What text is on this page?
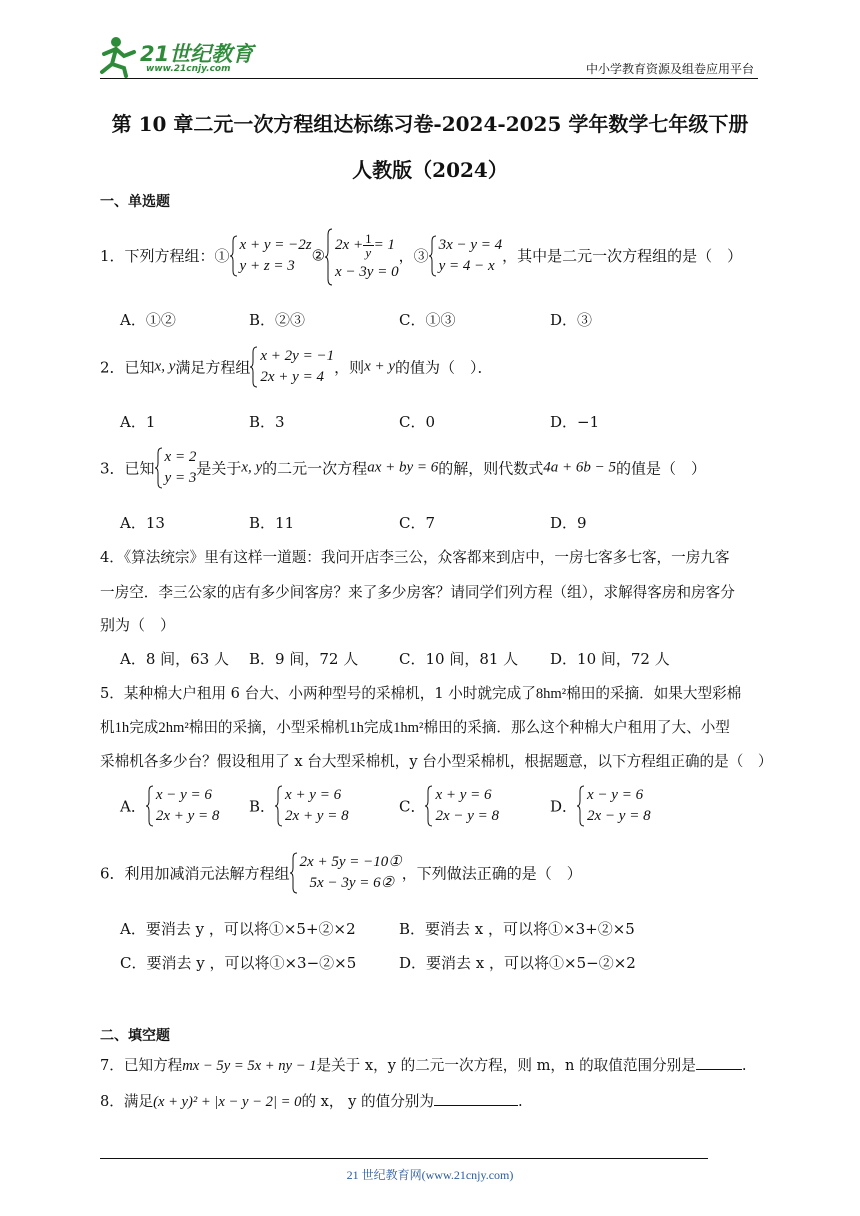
21世纪教育
www.21cnjy.com	中小学教育资源及组卷应用平台
第 10 章二元一次方程组达标练习卷-2024-2025 学年数学七年级下册
人教版（2024）
一、单选题
1．下列方程组：①
x + y = −2z
y + z = 3
②
$2x + \frac{1}{y} = 1$
x − 3y = 0
，③
3x − y = 4
y = 4 − x
，其中是二元一次方程组的是（　）
A．①②	B．②③	C．①③	D．③
2．已知x, y满足方程组
x + 2y = −1
2x + y = 4
，则x + y的值为（　）．
A．1	B．3	C．0	D．−1
3．已知
x = 2
y = 3
是关于x, y的二元一次方程ax + by = 6的解，则代数式4a + 6b − 5的值是（　）
A．13	B．11	C．7	D．9
4．《算法统宗》里有这样一道题：我问开店李三公，众客都来到店中，一房七客多七客，一房九客
一房空．李三公家的店有多少间客房？来了多少房客？请同学们列方程（组），求解得客房和房客分
别为（　）
A．8 间，63 人 B．9 间，72 人	C．10 间，81 人 D．10 间，72 人
5．某种棉大户租用 6 台大、小两种型号的采棉机，1 小时就完成了8hm²棉田的采摘．如果大型彩棉
机1h完成2hm²棉田的采摘，小型采棉机1h完成1hm²棉田的采摘．那么这个种棉大户租用了大、小型
采棉机各多少台？假设租用了 x 台大型采棉机，y 台小型采棉机，根据题意，以下方程组正确的是（　）
A．
x − y = 6
2x + y = 8
B．
x + y = 6
2x + y = 8
C．
x + y = 6
2x − y = 8
D．
x − y = 6
2x − y = 8
6．利用加减消元法解方程组
2x + 5y = −10①
5x − 3y = 6②
，下列做法正确的是（　）
A．要消去 y ，可以将①×5+②×2	B．要消去 x ，可以将①×3+②×5
C．要消去 y ，可以将①×3−②×5	D．要消去 x ，可以将①×5−②×2
二、填空题
7．已知方程mx − 5y = 5x + ny − 1是关于 x，y 的二元一次方程，则 m，n 的取值范围分别是	.
8．满足(x + y)² + |x − y − 2| = 0的 x， y 的值分别为	.
21 世纪教育网(www.21cnjy.com)
